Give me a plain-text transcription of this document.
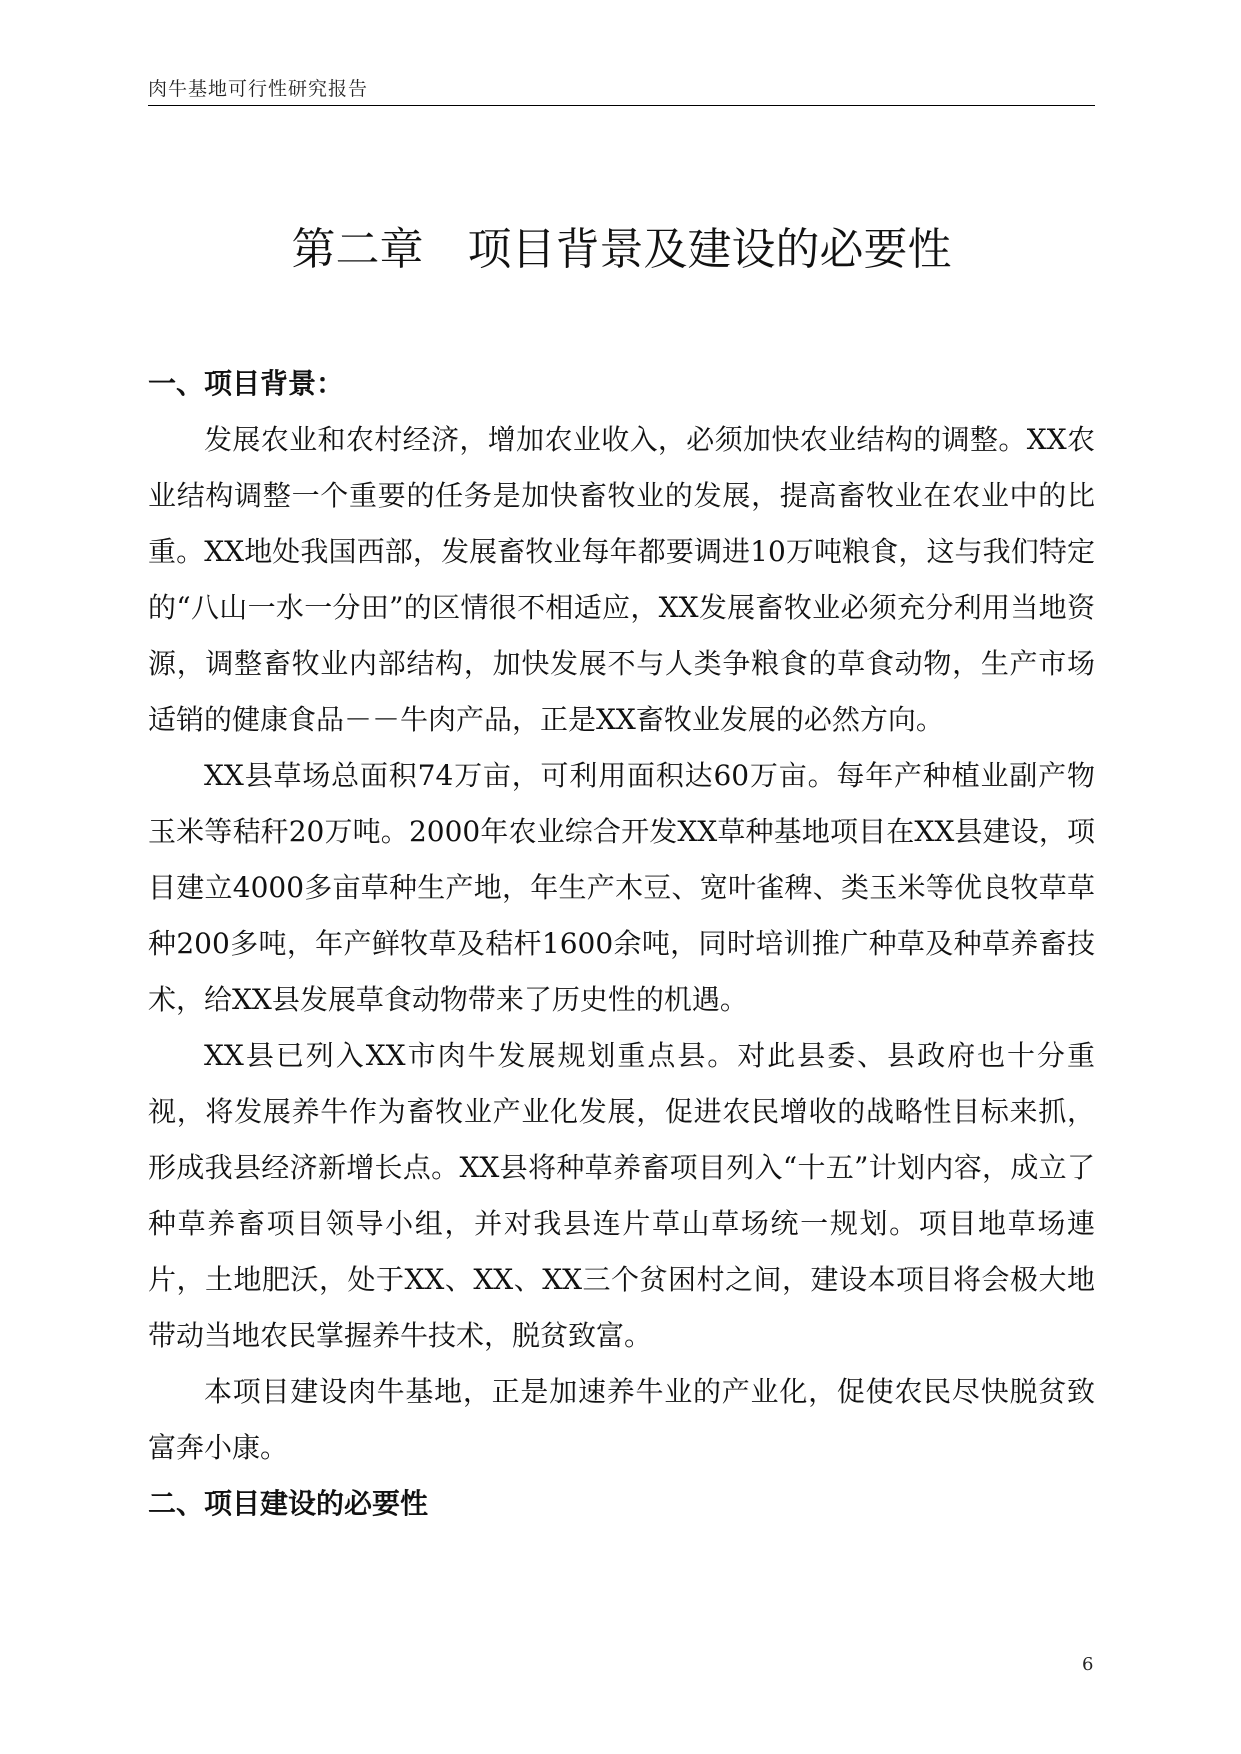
肉牛基地可行性研究报告
第二章　项目背景及建设的必要性
一、项目背景：

发展农业和农村经济，增加农业收入，必须加快农业结构的调整。XX农业结构调整一个重要的任务是加快畜牧业的发展，提高畜牧业在农业中的比重。XX地处我国西部，发展畜牧业每年都要调进10万吨粮食，这与我们特定的“八山一水一分田”的区情很不相适应，XX发展畜牧业必须充分利用当地资源，调整畜牧业内部结构，加快发展不与人类争粮食的草食动物，生产市场适销的健康食品－－牛肉产品，正是XX畜牧业发展的必然方向。

XX县草场总面积74万亩，可利用面积达60万亩。每年产种植业副产物玉米等秸秆20万吨。2000年农业综合开发XX草种基地项目在XX县建设，项目建立4000多亩草种生产地，年生产木豆、宽叶雀稗、类玉米等优良牧草草种200多吨，年产鲜牧草及秸杆1600余吨，同时培训推广种草及种草养畜技术，给XX县发展草食动物带来了历史性的机遇。

XX县已列入XX市肉牛发展规划重点县。对此县委、县政府也十分重视，将发展养牛作为畜牧业产业化发展，促进农民增收的战略性目标来抓，形成我县经济新增长点。XX县将种草养畜项目列入“十五”计划内容，成立了种草养畜项目领导小组，并对我县连片草山草场统一规划。项目地草场連片，土地肥沃，处于XX、XX、XX三个贫困村之间，建设本项目将会极大地带动当地农民掌握养牛技术，脱贫致富。

本项目建设肉牛基地，正是加速养牛业的产业化，促使农民尽快脱贫致富奔小康。

二、项目建设的必要性
6
